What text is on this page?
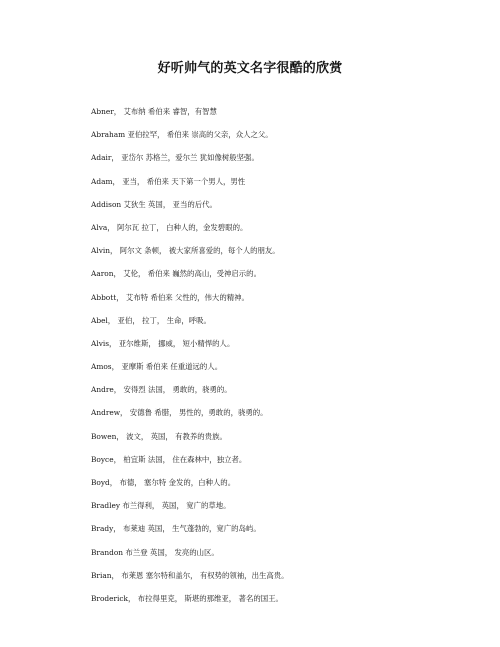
好听帅气的英文名字很酷的欣赏
Abner， 艾布纳 希伯来 睿智，有智慧
Abraham 亚伯拉罕， 希伯来 崇高的父亲，众人之父。
Adair， 亚岱尔 苏格兰，爱尔兰 犹如像树般坚强。
Adam， 亚当， 希伯来 天下第一个男人，男性
Addison 艾狄生 英国， 亚当的后代。
Alva， 阿尔瓦 拉丁， 白种人的，金发碧眼的。
Alvin， 阿尔文 条顿， 被大家所喜爱的，每个人的朋友。
Aaron， 艾伦， 希伯来 巍然的高山，受神启示的。
Abbott， 艾布特 希伯来 父性的，伟大的精神。
Abel， 亚伯， 拉丁， 生命，呼吸。
Alvis， 亚尔维斯， 挪威， 短小精悍的人。
Amos， 亚摩斯 希伯来 任重道远的人。
Andre， 安得烈 法国， 勇敢的，骁勇的。
Andrew， 安德鲁 希腊， 男性的，勇敢的，骁勇的。
Bowen， 波文， 英国， 有教养的贵族。
Boyce， 柏宜斯 法国， 住在森林中，独立者。
Boyd， 布德， 塞尔特 金发的，白种人的。
Bradley 布兰得利， 英国， 宽广的草地。
Brady， 布莱迪 英国， 生气蓬勃的，宽广的岛屿。
Brandon 布兰登 英国， 发亮的山区。
Brian， 布莱恩 塞尔特和盖尔， 有权势的领袖，出生高贵。
Broderick， 布拉得里克， 斯堪的那维亚， 著名的国王。
